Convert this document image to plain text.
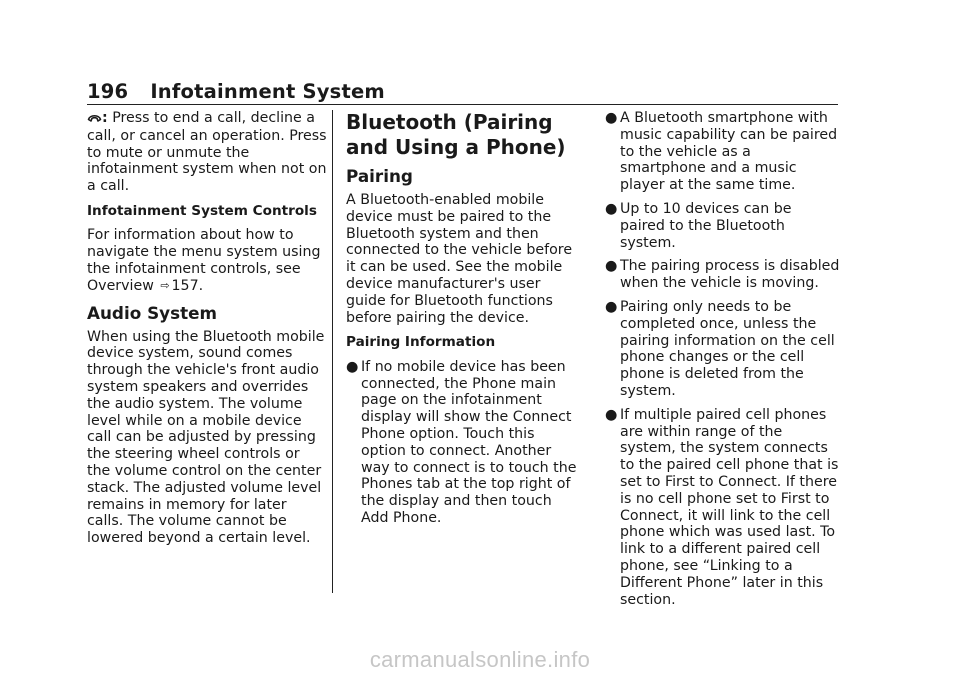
196 Infotainment System

: Press to end a call, decline a call, or cancel an operation. Press to mute or unmute the infotainment system when not on a call.

Infotainment System Controls

For information about how to navigate the menu system using the infotainment controls, see Overview ⇨ 157.

Audio System

When using the Bluetooth mobile device system, sound comes through the vehicle's front audio system speakers and overrides the audio system. The volume level while on a mobile device call can be adjusted by pressing the steering wheel controls or the volume control on the center stack. The adjusted volume level remains in memory for later calls. The volume cannot be lowered beyond a certain level.

Bluetooth (Pairing and Using a Phone)
Pairing

A Bluetooth-enabled mobile device must be paired to the Bluetooth system and then connected to the vehicle before it can be used. See the mobile device manufacturer's user guide for Bluetooth functions before pairing the device.

Pairing Information
● If no mobile device has been connected, the Phone main page on the infotainment display will show the Connect Phone option. Touch this option to connect. Another way to connect is to touch the Phones tab at the top right of the display and then touch Add Phone.
● A Bluetooth smartphone with music capability can be paired to the vehicle as a smartphone and a music player at the same time.
● Up to 10 devices can be paired to the Bluetooth system.
● The pairing process is disabled when the vehicle is moving.
● Pairing only needs to be completed once, unless the pairing information on the cell phone changes or the cell phone is deleted from the system.
● If multiple paired cell phones are within range of the system, the system connects to the paired cell phone that is set to First to Connect. If there is no cell phone set to First to Connect, it will link to the cell phone which was used last. To link to a different paired cell phone, see “Linking to a Different Phone” later in this section.
carmanualsonline.info
